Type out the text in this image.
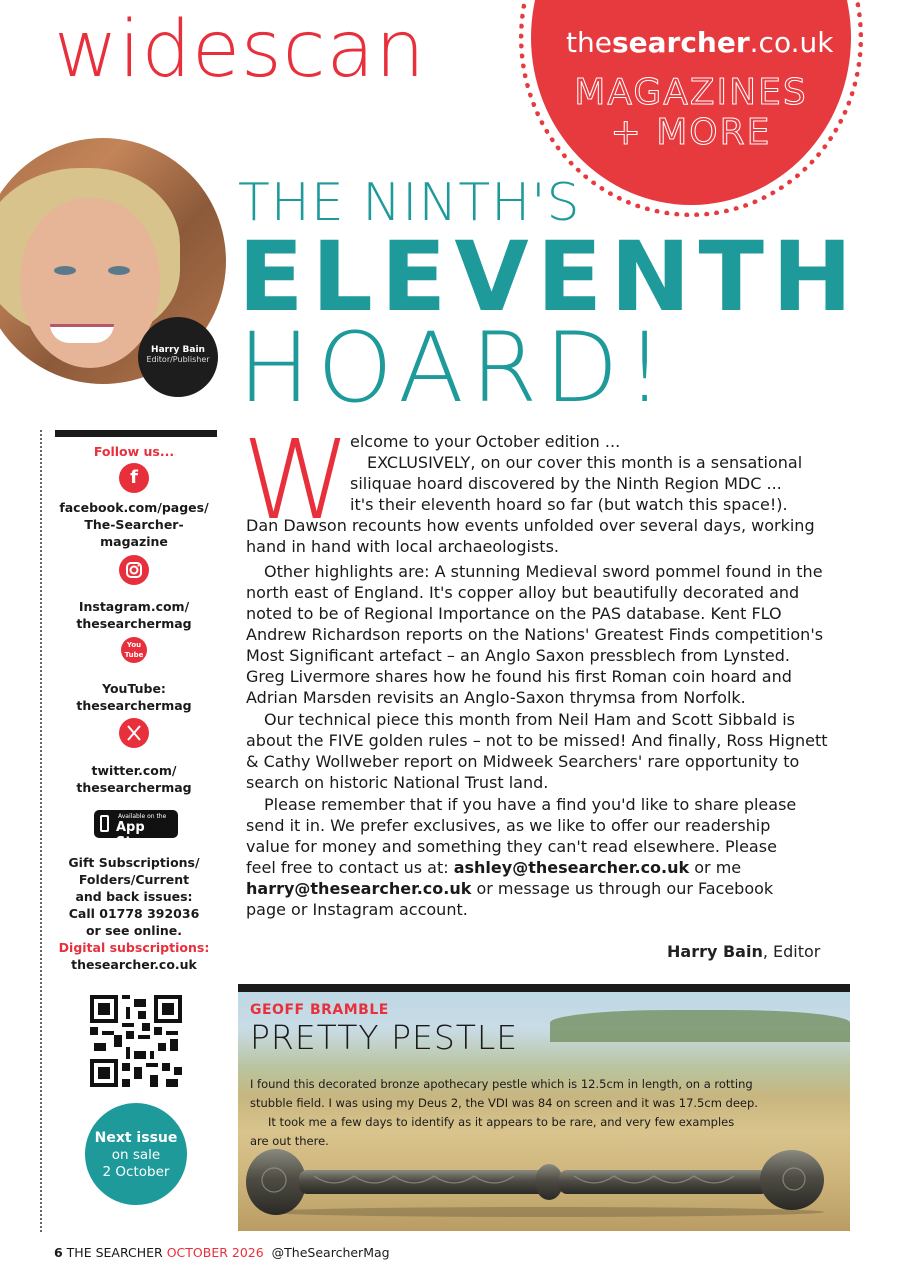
widescan	thesearcher.co.uk
MAGAZINES
+ MORE
Harry Bain
Editor/Publisher
THE NINTH'S
ELEVENTH
HOARD!
Follow us...
f
facebook.com/pages/
The-Searcher-
magazine
Instagram.com/
thesearchermag
You
Tube
YouTube:
thesearchermag
twitter.com/
thesearchermag
Available on the
App Store
Gift Subscriptions/
Folders/Current
and back issues:
Call 01778 392036
or see online.
Digital subscriptions:
thesearcher.co.uk
Next issue
on sale
2 October
W elcome to your October edition ...
EXCLUSIVELY, on our cover this month is a sensational
siliquae hoard discovered by the Ninth Region MDC ...
it's their eleventh hoard so far (but watch this space!).
Dan Dawson recounts how events unfolded over several days, working
hand in hand with local archaeologists.
Other highlights are: A stunning Medieval sword pommel found in the
north east of England. It's copper alloy but beautifully decorated and
noted to be of Regional Importance on the PAS database. Kent FLO
Andrew Richardson reports on the Nations' Greatest Finds competition's
Most Significant artefact – an Anglo Saxon pressblech from Lynsted.
Greg Livermore shares how he found his first Roman coin hoard and
Adrian Marsden revisits an Anglo-Saxon thrymsa from Norfolk.
Our technical piece this month from Neil Ham and Scott Sibbald is
about the FIVE golden rules – not to be missed! And finally, Ross Hignett
& Cathy Wollweber report on Midweek Searchers' rare opportunity to
search on historic National Trust land.
Please remember that if you have a find you'd like to share please
send it in. We prefer exclusives, as we like to offer our readership
value for money and something they can't read elsewhere. Please
feel free to contact us at: ashley@thesearcher.co.uk or me
harry@thesearcher.co.uk or message us through our Facebook
page or Instagram account.
Harry Bain, Editor
GEOFF BRAMBLE
PRETTY PESTLE
I found this decorated bronze apothecary pestle which is 12.5cm in length, on a rotting
stubble field. I was using my Deus 2, the VDI was 84 on screen and it was 17.5cm deep.
It took me a few days to identify as it appears to be rare, and very few examples
are out there.
6 THE SEARCHER OCTOBER 2026 @TheSearcherMag
